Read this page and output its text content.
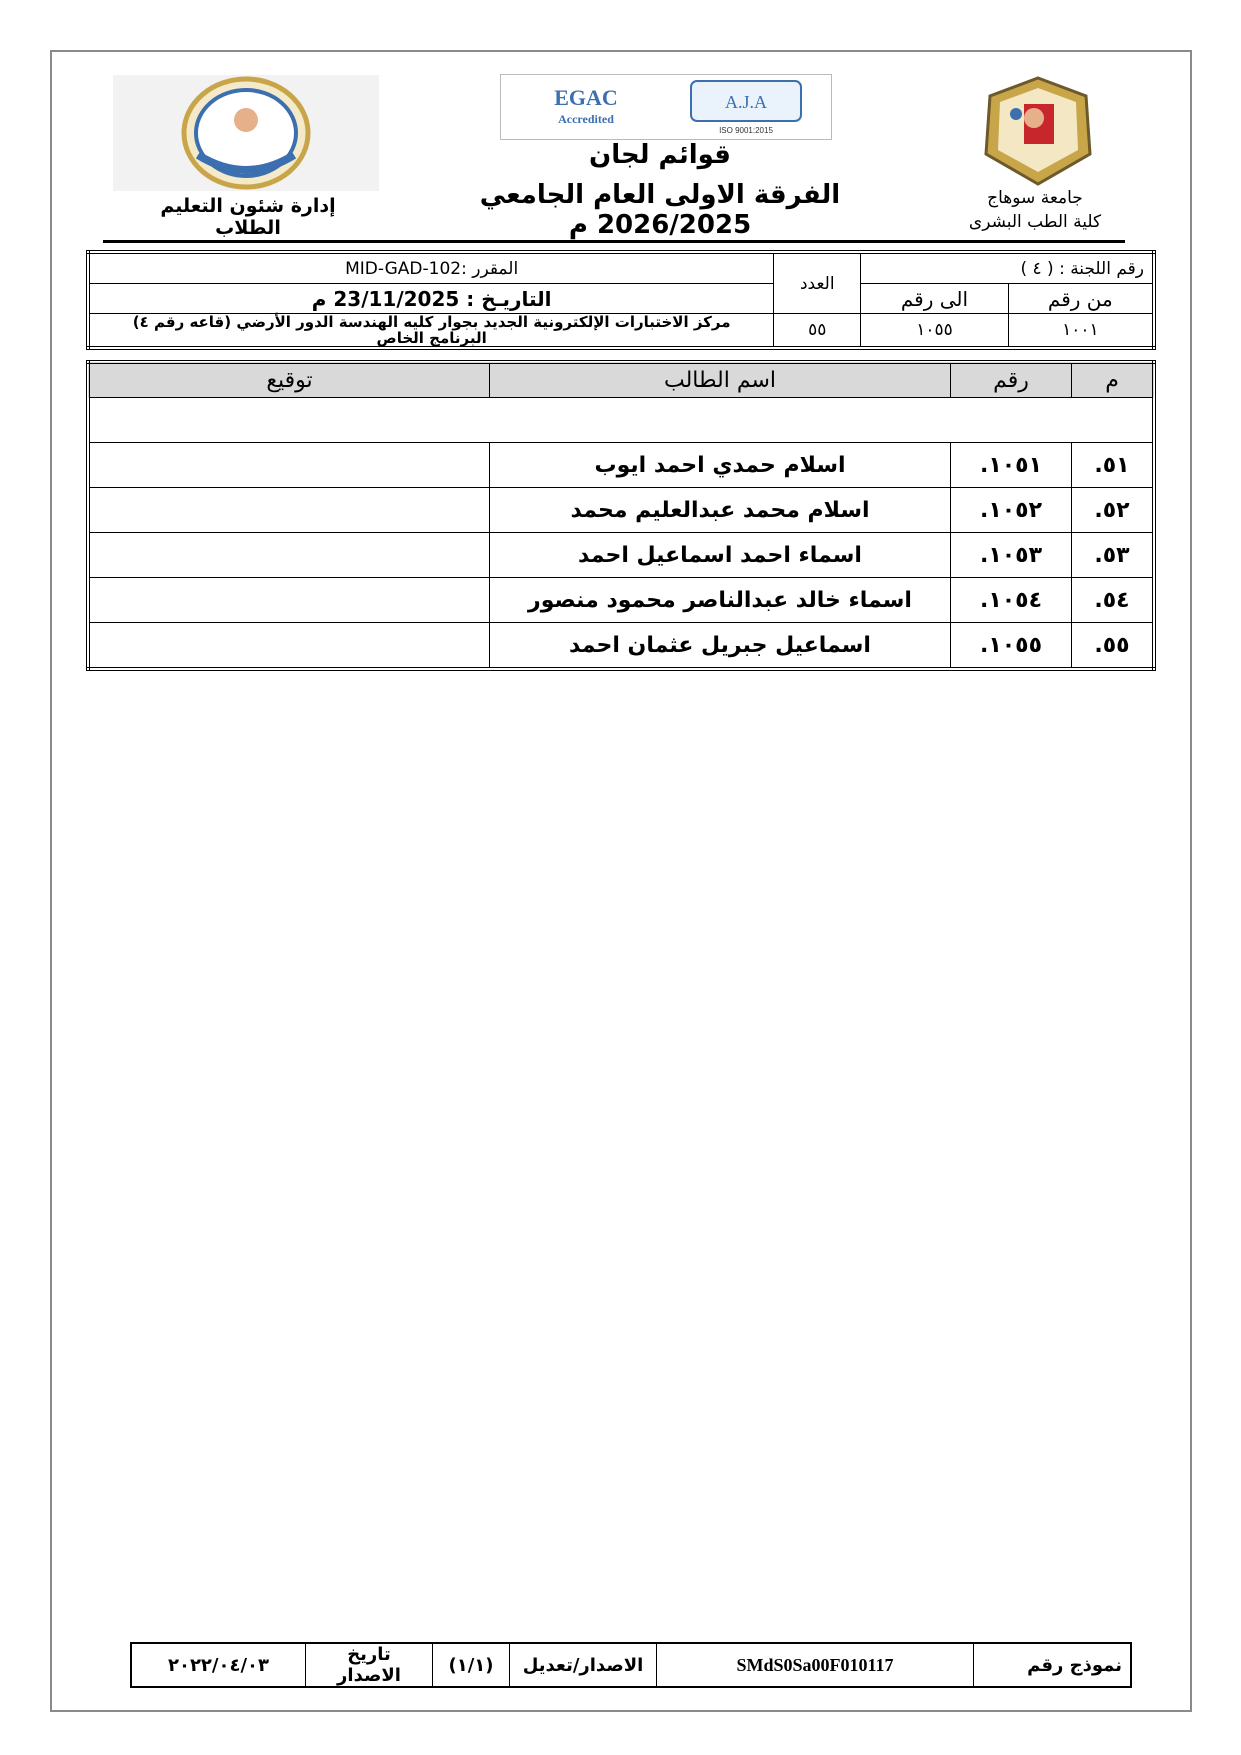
EGAC
Accredited
A.J.A
ISO 9001:2015
قوائم لجان
الفرقة الاولى العام الجامعي 2026/2025 م
جامعة سوهاج
كلية الطب البشرى
إدارة شئون التعليم الطلاب
رقم اللجنة : ( ٤ )		العدد	المقرر :MID-GAD-102
من رقم	الى رقم		التاريـخ : 23/11/2025 م
١٠٠١	١٠٥٥	٥٥	مركز الاختبارات الإلكترونية الجديد بجوار كليه الهندسة الدور الأرضي (قاعه رقم ٤)
البرنامج الخاص
م	رقم	اسم الطالب	توقيع

٥١.	١٠٥١.	اسلام حمدي احمد ايوب	
٥٢.	١٠٥٢.	اسلام محمد عبدالعليم محمد	
٥٣.	١٠٥٣.	اسماء احمد اسماعيل احمد	
٥٤.	١٠٥٤.	اسماء خالد عبدالناصر محمود منصور	
٥٥.	١٠٥٥.	اسماعيل جبريل عثمان احمد	
نموذج رقم	SMdS0Sa00F010117	الاصدار/تعديل	(١/١)	تاريخ الاصدار	٢٠٢٢/٠٤/٠٣
